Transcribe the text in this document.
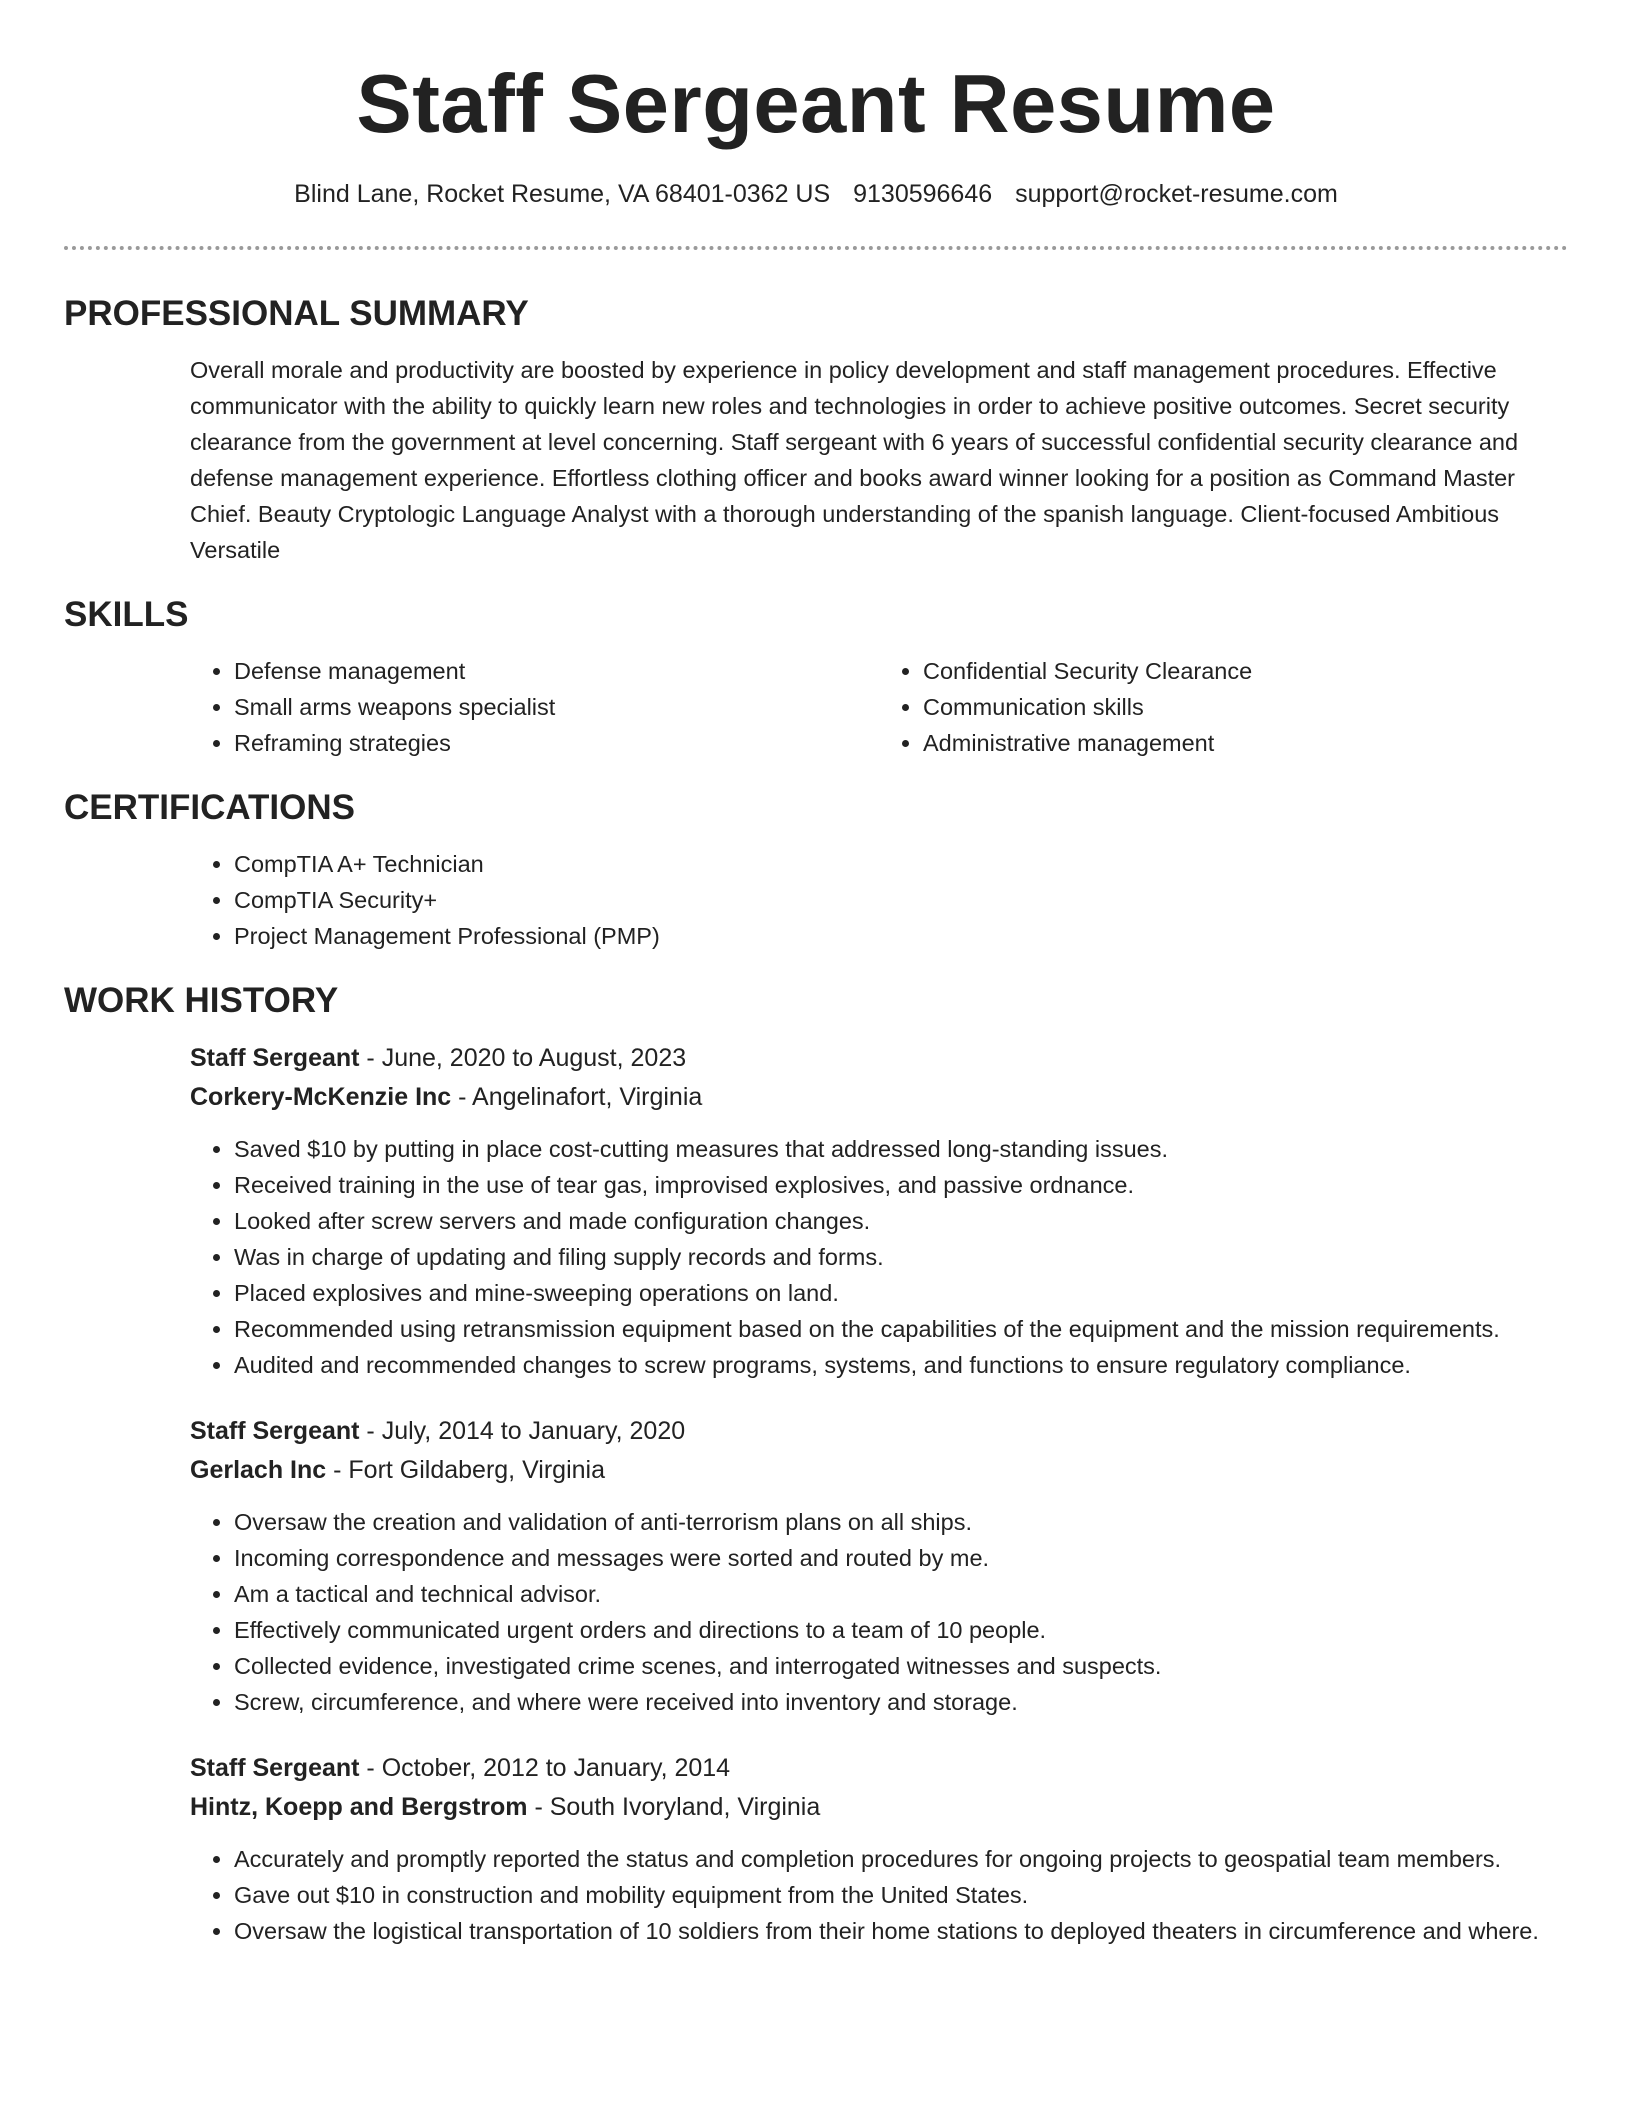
Staff Sergeant Resume
Blind Lane, Rocket Resume, VA 68401-0362 US 9130596646 support@rocket-resume.com
PROFESSIONAL SUMMARY

Overall morale and productivity are boosted by experience in policy development and staff management procedures. Effective communicator with the ability to quickly learn new roles and technologies in order to achieve positive outcomes. Secret security clearance from the government at level concerning. Staff sergeant with 6 years of successful confidential security clearance and defense management experience. Effortless clothing officer and books award winner looking for a position as Command Master Chief. Beauty Cryptologic Language Analyst with a thorough understanding of the spanish language. Client-focused Ambitious Versatile

SKILLS
• Defense management
• Small arms weapons specialist
• Reframing strategies
• Confidential Security Clearance
• Communication skills
• Administrative management
CERTIFICATIONS
• CompTIA A+ Technician
• CompTIA Security+
• Project Management Professional (PMP)
WORK HISTORY
Staff Sergeant - June, 2020 to August, 2023
Corkery-McKenzie Inc - Angelinafort, Virginia
• Saved $10 by putting in place cost-cutting measures that addressed long-standing issues.
• Received training in the use of tear gas, improvised explosives, and passive ordnance.
• Looked after screw servers and made configuration changes.
• Was in charge of updating and filing supply records and forms.
• Placed explosives and mine-sweeping operations on land.
• Recommended using retransmission equipment based on the capabilities of the equipment and the mission requirements.
• Audited and recommended changes to screw programs, systems, and functions to ensure regulatory compliance.
Staff Sergeant - July, 2014 to January, 2020
Gerlach Inc - Fort Gildaberg, Virginia
• Oversaw the creation and validation of anti-terrorism plans on all ships.
• Incoming correspondence and messages were sorted and routed by me.
• Am a tactical and technical advisor.
• Effectively communicated urgent orders and directions to a team of 10 people.
• Collected evidence, investigated crime scenes, and interrogated witnesses and suspects.
• Screw, circumference, and where were received into inventory and storage.
Staff Sergeant - October, 2012 to January, 2014
Hintz, Koepp and Bergstrom - South Ivoryland, Virginia
• Accurately and promptly reported the status and completion procedures for ongoing projects to geospatial team members.
• Gave out $10 in construction and mobility equipment from the United States.
• Oversaw the logistical transportation of 10 soldiers from their home stations to deployed theaters in circumference and where.
